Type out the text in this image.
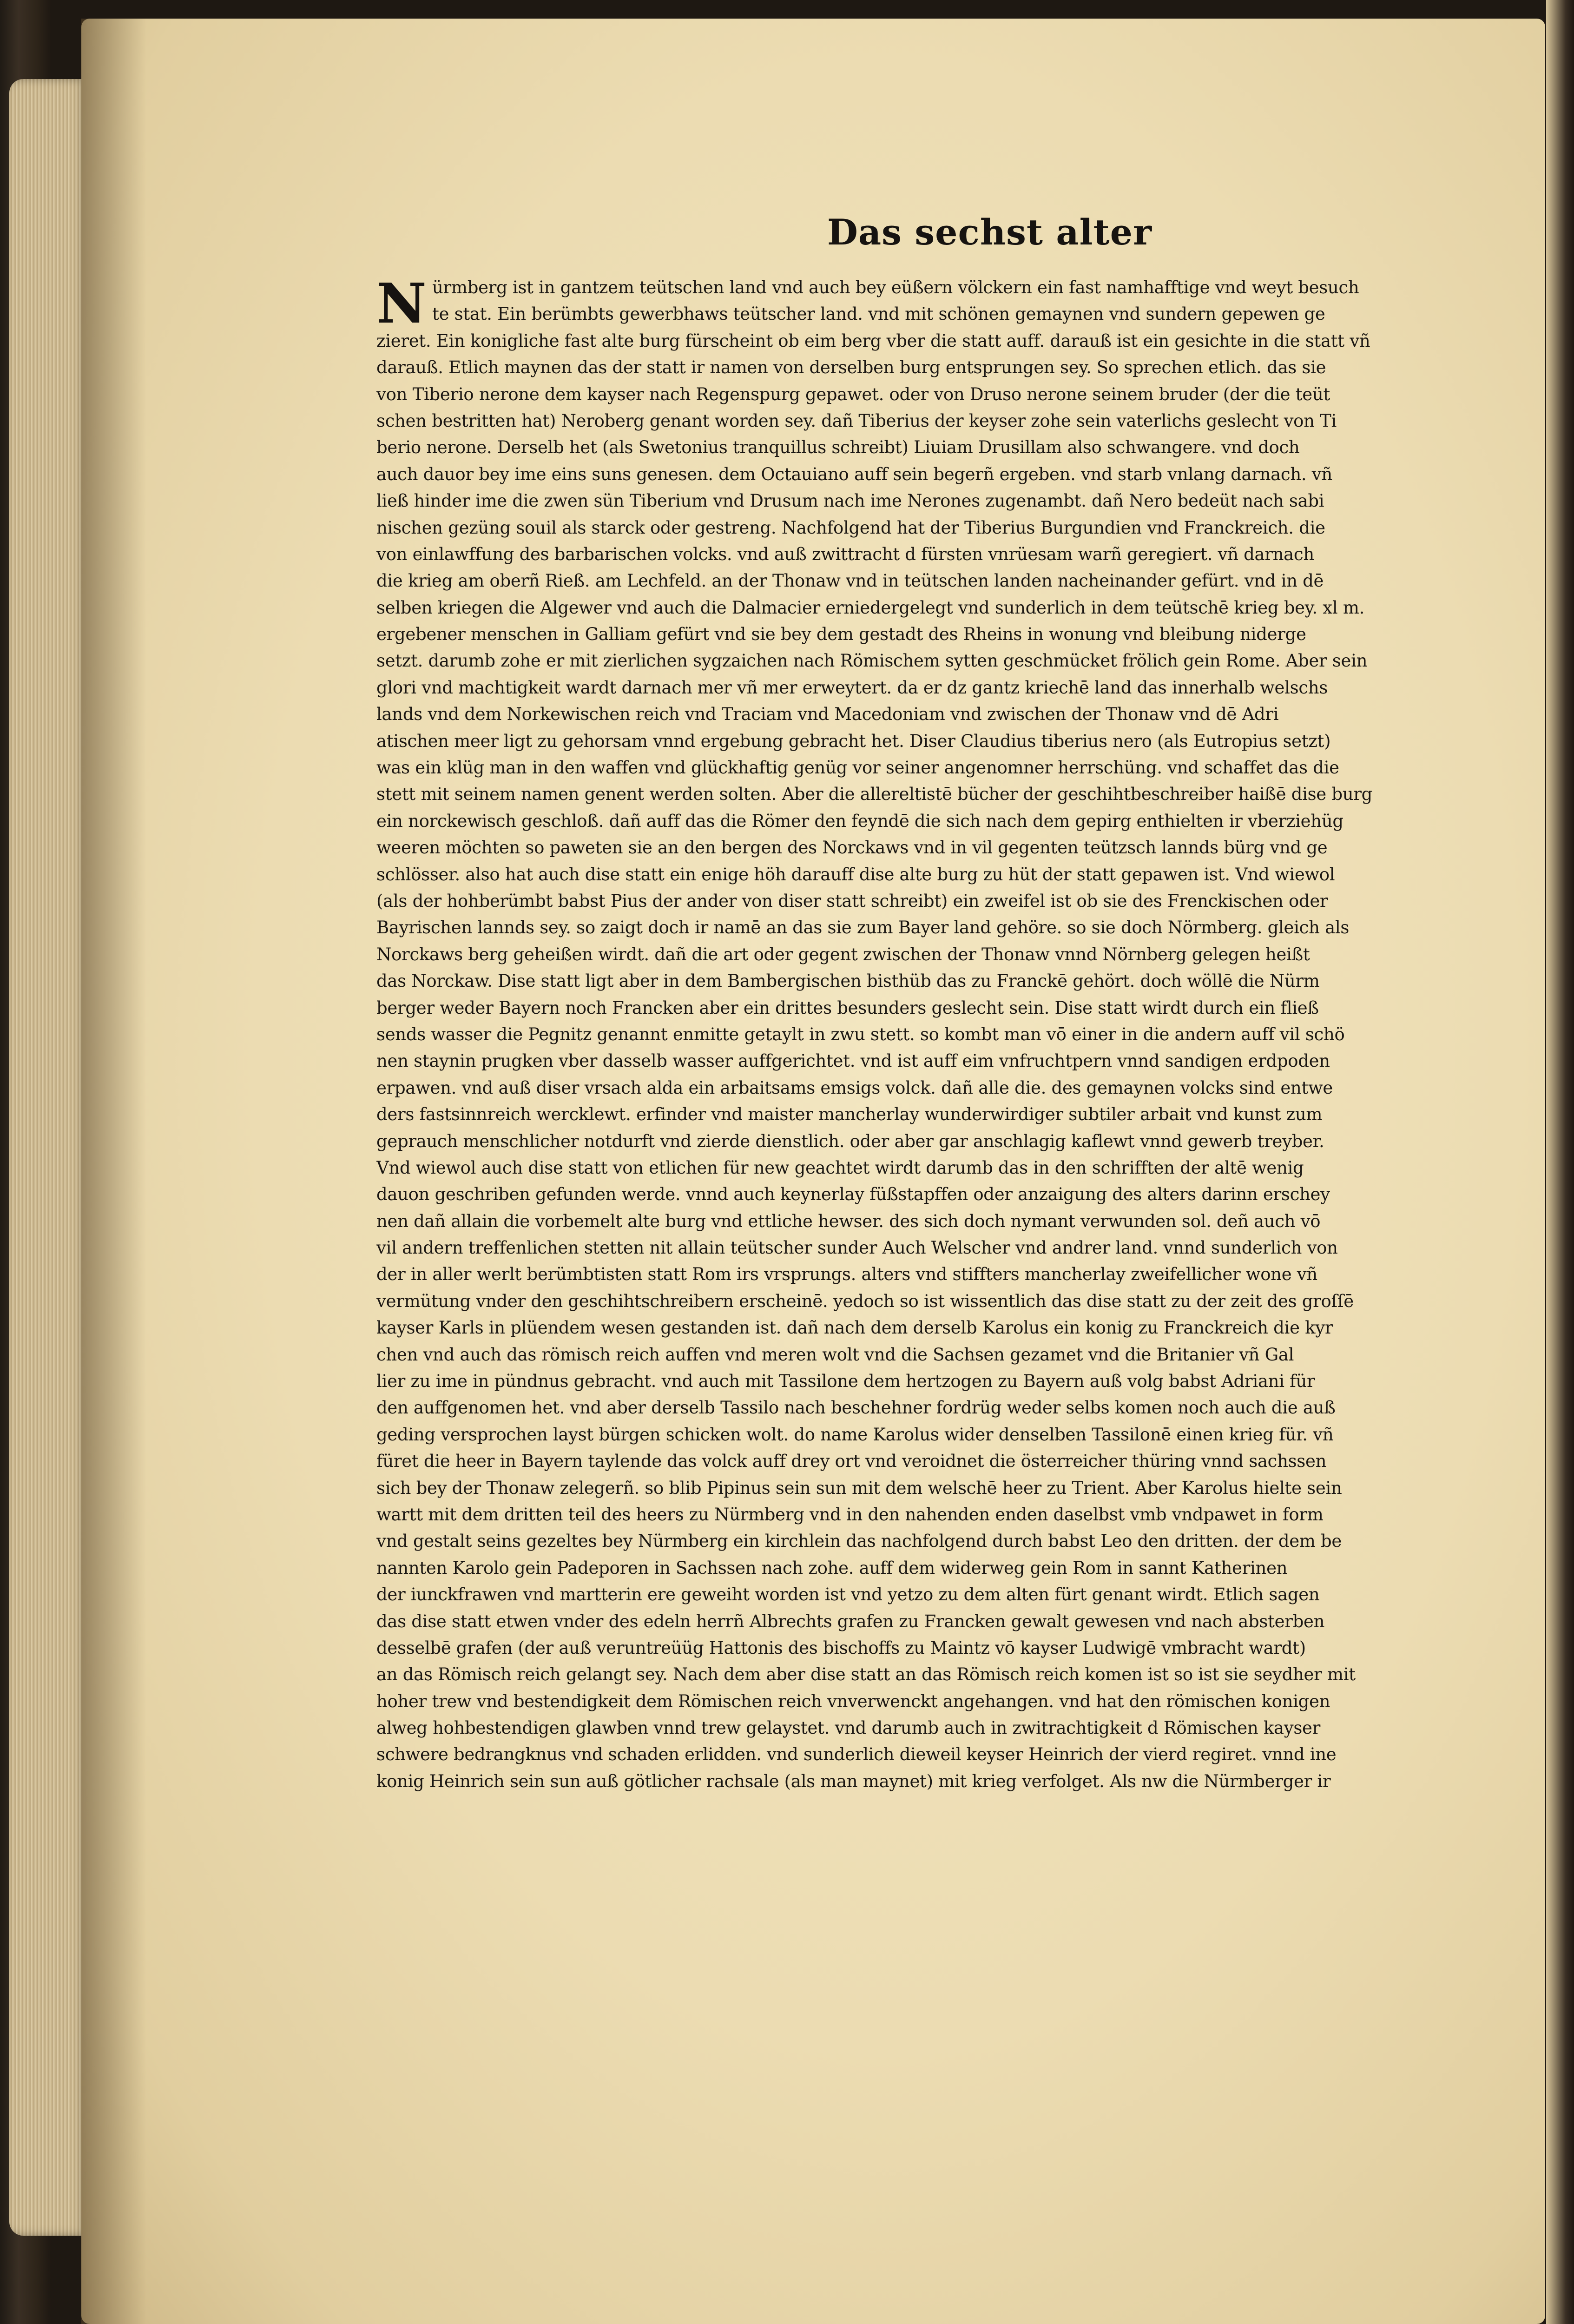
Das sechst alter
N ürmberg ist in gantzem teütschen land vnd auch bey eüßern völckern ein fast namhafftige vnd weyt besuch
te stat. Ein berümbts gewerbhaws teütscher land. vnd mit schönen gemaynen vnd sundern gepewen ge
zieret. Ein konigliche fast alte burg fürscheint ob eim berg vber die statt auff. darauß ist ein gesichte in die statt vñ
darauß. Etlich maynen das der statt ir namen von derselben burg entsprungen sey. So sprechen etlich. das sie
von Tiberio nerone dem kayser nach Regenspurg gepawet. oder von Druso nerone seinem bruder (der die teüt
schen bestritten hat) Neroberg genant worden sey. dañ Tiberius der keyser zohe sein vaterlichs geslecht von Ti
berio nerone. Derselb het (als Swetonius tranquillus schreibt) Liuiam Drusillam also schwangere. vnd doch
auch dauor bey ime eins suns genesen. dem Octauiano auff sein begerñ ergeben. vnd starb vnlang darnach. vñ
ließ hinder ime die zwen sün Tiberium vnd Drusum nach ime Nerones zugenambt. dañ Nero bedeüt nach sabi
nischen gezüng souil als starck oder gestreng. Nachfolgend hat der Tiberius Burgundien vnd Franckreich. die
von einlawffung des barbarischen volcks. vnd auß zwittracht d fürsten vnrüesam warñ geregiert. vñ darnach
die krieg am oberñ Rieß. am Lechfeld. an der Thonaw vnd in teütschen landen nacheinander gefürt. vnd in dē
selben kriegen die Algewer vnd auch die Dalmacier erniedergelegt vnd sunderlich in dem teütschē krieg bey. xl m.
ergebener menschen in Galliam gefürt vnd sie bey dem gestadt des Rheins in wonung vnd bleibung niderge
setzt. darumb zohe er mit zierlichen sygzaichen nach Römischem sytten geschmücket frölich gein Rome. Aber sein
glori vnd machtigkeit wardt darnach mer vñ mer erweytert. da er dz gantz kriechē land das innerhalb welschs
lands vnd dem Norkewischen reich vnd Traciam vnd Macedoniam vnd zwischen der Thonaw vnd dē Adri
atischen meer ligt zu gehorsam vnnd ergebung gebracht het. Diser Claudius tiberius nero (als Eutropius setzt)
was ein klüg man in den waffen vnd glückhaftig genüg vor seiner angenomner herrschüng. vnd schaffet das die
stett mit seinem namen genent werden solten. Aber die allereltistē bücher der geschihtbeschreiber haißē dise burg
ein norckewisch geschloß. dañ auff das die Römer den feyndē die sich nach dem gepirg enthielten ir vberziehüg
weeren möchten so paweten sie an den bergen des Norckaws vnd in vil gegenten teützsch lannds bürg vnd ge
schlösser. also hat auch dise statt ein enige höh darauff dise alte burg zu hüt der statt gepawen ist. Vnd wiewol
(als der hohberümbt babst Pius der ander von diser statt schreibt) ein zweifel ist ob sie des Frenckischen oder
Bayrischen lannds sey. so zaigt doch ir namē an das sie zum Bayer land gehöre. so sie doch Nörmberg. gleich als
Norckaws berg geheißen wirdt. dañ die art oder gegent zwischen der Thonaw vnnd Nörnberg gelegen heißt
das Norckaw. Dise statt ligt aber in dem Bambergischen bisthüb das zu Franckē gehört. doch wöllē die Nürm
berger weder Bayern noch Francken aber ein drittes besunders geslecht sein. Dise statt wirdt durch ein fließ
sends wasser die Pegnitz genannt enmitte getaylt in zwu stett. so kombt man vō einer in die andern auff vil schö
nen staynin prugken vber dasselb wasser auffgerichtet. vnd ist auff eim vnfruchtpern vnnd sandigen erdpoden
erpawen. vnd auß diser vrsach alda ein arbaitsams emsigs volck. dañ alle die. des gemaynen volcks sind entwe
ders fastsinnreich wercklewt. erfinder vnd maister mancherlay wunderwirdiger subtiler arbait vnd kunst zum
geprauch menschlicher notdurft vnd zierde dienstlich. oder aber gar anschlagig kaflewt vnnd gewerb treyber.
Vnd wiewol auch dise statt von etlichen für new geachtet wirdt darumb das in den schrifften der altē wenig
dauon geschriben gefunden werde. vnnd auch keynerlay füßstapffen oder anzaigung des alters darinn erschey
nen dañ allain die vorbemelt alte burg vnd ettliche hewser. des sich doch nymant verwunden sol. deñ auch vō
vil andern treffenlichen stetten nit allain teütscher sunder Auch Welscher vnd andrer land. vnnd sunderlich von
der in aller werlt berümbtisten statt Rom irs vrsprungs. alters vnd stiffters mancherlay zweifellicher wone vñ
vermütung vnder den geschihtschreibern erscheinē. yedoch so ist wissentlich das dise statt zu der zeit des groſſē
kayser Karls in plüendem wesen gestanden ist. dañ nach dem derselb Karolus ein konig zu Franckreich die kyr
chen vnd auch das römisch reich auffen vnd meren wolt vnd die Sachsen gezamet vnd die Britanier vñ Gal
lier zu ime in pündnus gebracht. vnd auch mit Tassilone dem hertzogen zu Bayern auß volg babst Adriani für
den auffgenomen het. vnd aber derselb Tassilo nach beschehner fordrüg weder selbs komen noch auch die auß
geding versprochen layst bürgen schicken wolt. do name Karolus wider denselben Tassilonē einen krieg für. vñ
füret die heer in Bayern taylende das volck auff drey ort vnd veroidnet die österreicher thüring vnnd sachssen
sich bey der Thonaw zelegerñ. so blib Pipinus sein sun mit dem welschē heer zu Trient. Aber Karolus hielte sein
wartt mit dem dritten teil des heers zu Nürmberg vnd in den nahenden enden daselbst vmb vndpawet in form
vnd gestalt seins gezeltes bey Nürmberg ein kirchlein das nachfolgend durch babst Leo den dritten. der dem be
nannten Karolo gein Padeporen in Sachssen nach zohe. auff dem widerweg gein Rom in sannt Katherinen
der iunckfrawen vnd martterin ere geweiht worden ist vnd yetzo zu dem alten fürt genant wirdt. Etlich sagen
das dise statt etwen vnder des edeln herrñ Albrechts grafen zu Francken gewalt gewesen vnd nach absterben
desselbē grafen (der auß veruntreüüg Hattonis des bischoffs zu Maintz vō kayser Ludwigē vmbracht wardt)
an das Römisch reich gelangt sey. Nach dem aber dise statt an das Römisch reich komen ist so ist sie seydher mit
hoher trew vnd bestendigkeit dem Römischen reich vnverwenckt angehangen. vnd hat den römischen konigen
alweg hohbestendigen glawben vnnd trew gelaystet. vnd darumb auch in zwitrachtigkeit d Römischen kayser
schwere bedrangknus vnd schaden erlidden. vnd sunderlich dieweil keyser Heinrich der vierd regiret. vnnd ine
konig Heinrich sein sun auß götlicher rachsale (als man maynet) mit krieg verfolget. Als nw die Nürmberger ir
